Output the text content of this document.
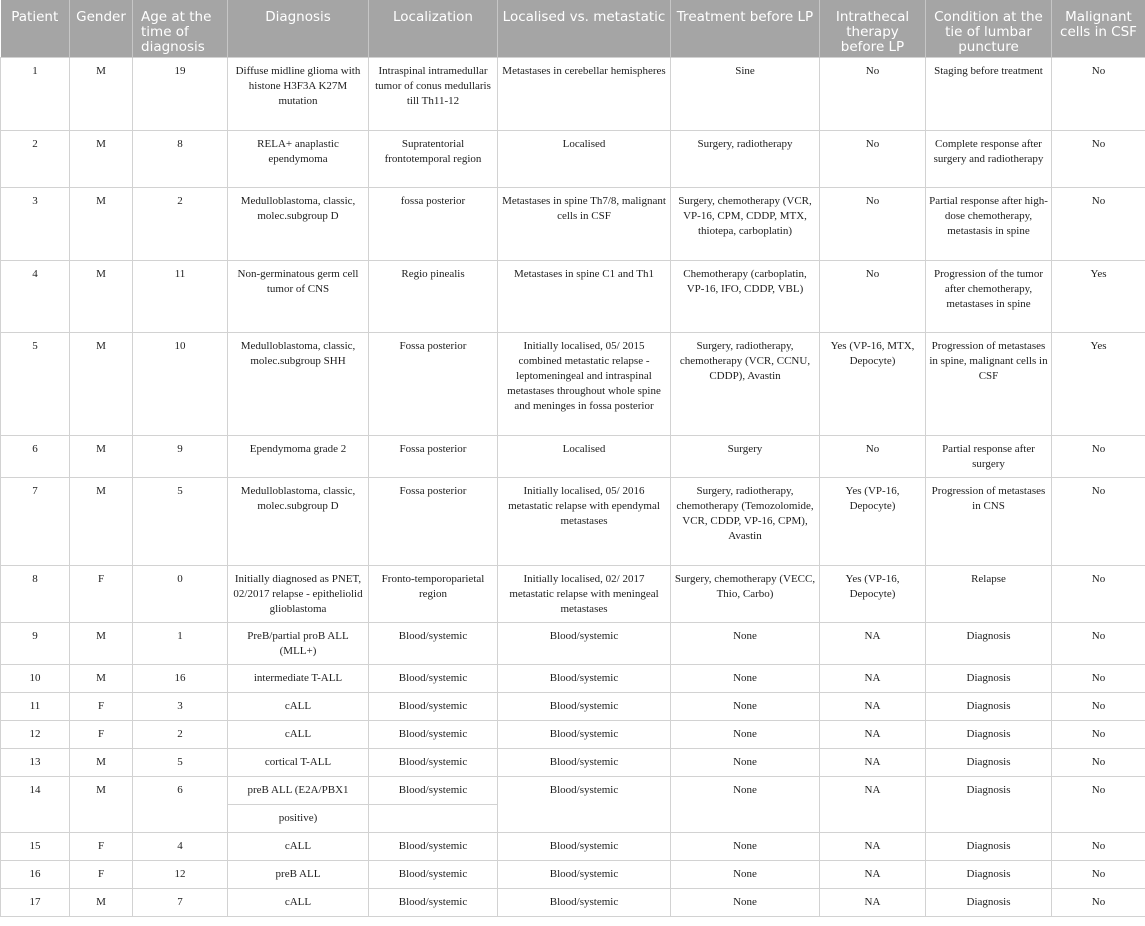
Patient	Gender	Age at the time of diagnosis	Diagnosis	Localization	Localised vs. metastatic	Treatment before LP	Intrathecal therapy before LP	Condition at the tie of lumbar puncture	Malignant cells in CSF
1	M	19	Diffuse midline glioma with histone H3F3A K27M mutation	Intraspinal intramedullar tumor of conus medullaris till Th11-12	Metastases in cerebellar hemispheres	Sine	No	Staging before treatment	No
2	M	8	RELA+ anaplastic ependymoma	Supratentorial frontotemporal region	Localised	Surgery, radiotherapy	No	Complete response after surgery and radiotherapy	No
3	M	2	Medulloblastoma, classic, molec.subgroup D	fossa posterior	Metastases in spine Th7/8, malignant cells in CSF	Surgery, chemotherapy (VCR, VP-16, CPM, CDDP, MTX, thiotepa, carboplatin)	No	Partial response after high-dose chemotherapy, metastasis in spine	No
4	M	11	Non-germinatous germ cell tumor of CNS	Regio pinealis	Metastases in spine C1 and Th1	Chemotherapy (carboplatin, VP-16, IFO, CDDP, VBL)	No	Progression of the tumor after chemotherapy, metastases in spine	Yes
5	M	10	Medulloblastoma, classic, molec.subgroup SHH	Fossa posterior	Initially localised, 05/ 2015 combined metastatic relapse - leptomeningeal and intraspinal metastases throughout whole spine and meninges in fossa posterior	Surgery, radiotherapy, chemotherapy (VCR, CCNU, CDDP), Avastin	Yes (VP-16, MTX, Depocyte)	Progression of metastases in spine, malignant cells in CSF	Yes
6	M	9	Ependymoma grade 2	Fossa posterior	Localised	Surgery	No	Partial response after surgery	No
7	M	5	Medulloblastoma, classic, molec.subgroup D	Fossa posterior	Initially localised, 05/ 2016 metastatic relapse with ependymal metastases	Surgery, radiotherapy, chemotherapy (Temozolomide, VCR, CDDP, VP-16, CPM), Avastin	Yes (VP-16, Depocyte)	Progression of metastases in CNS	No
8	F	0	Initially diagnosed as PNET, 02/2017 relapse - epitheliolid glioblastoma	Fronto-temporoparietal region	Initially localised, 02/ 2017 metastatic relapse with meningeal metastases	Surgery, chemotherapy (VECC, Thio, Carbo)	Yes (VP-16, Depocyte)	Relapse	No
9	M	1	PreB/partial proB ALL (MLL+)	Blood/systemic	Blood/systemic	None	NA	Diagnosis	No
10	M	16	intermediate T-ALL	Blood/systemic	Blood/systemic	None	NA	Diagnosis	No
11	F	3	cALL	Blood/systemic	Blood/systemic	None	NA	Diagnosis	No
12	F	2	cALL	Blood/systemic	Blood/systemic	None	NA	Diagnosis	No
13	M	5	cortical T-ALL	Blood/systemic	Blood/systemic	None	NA	Diagnosis	No
14	M	6	preB ALL (E2A/PBX1	Blood/systemic	Blood/systemic	None	NA	Diagnosis	No
			positive)						
15	F	4	cALL	Blood/systemic	Blood/systemic	None	NA	Diagnosis	No
16	F	12	preB ALL	Blood/systemic	Blood/systemic	None	NA	Diagnosis	No
17	M	7	cALL	Blood/systemic	Blood/systemic	None	NA	Diagnosis	No
